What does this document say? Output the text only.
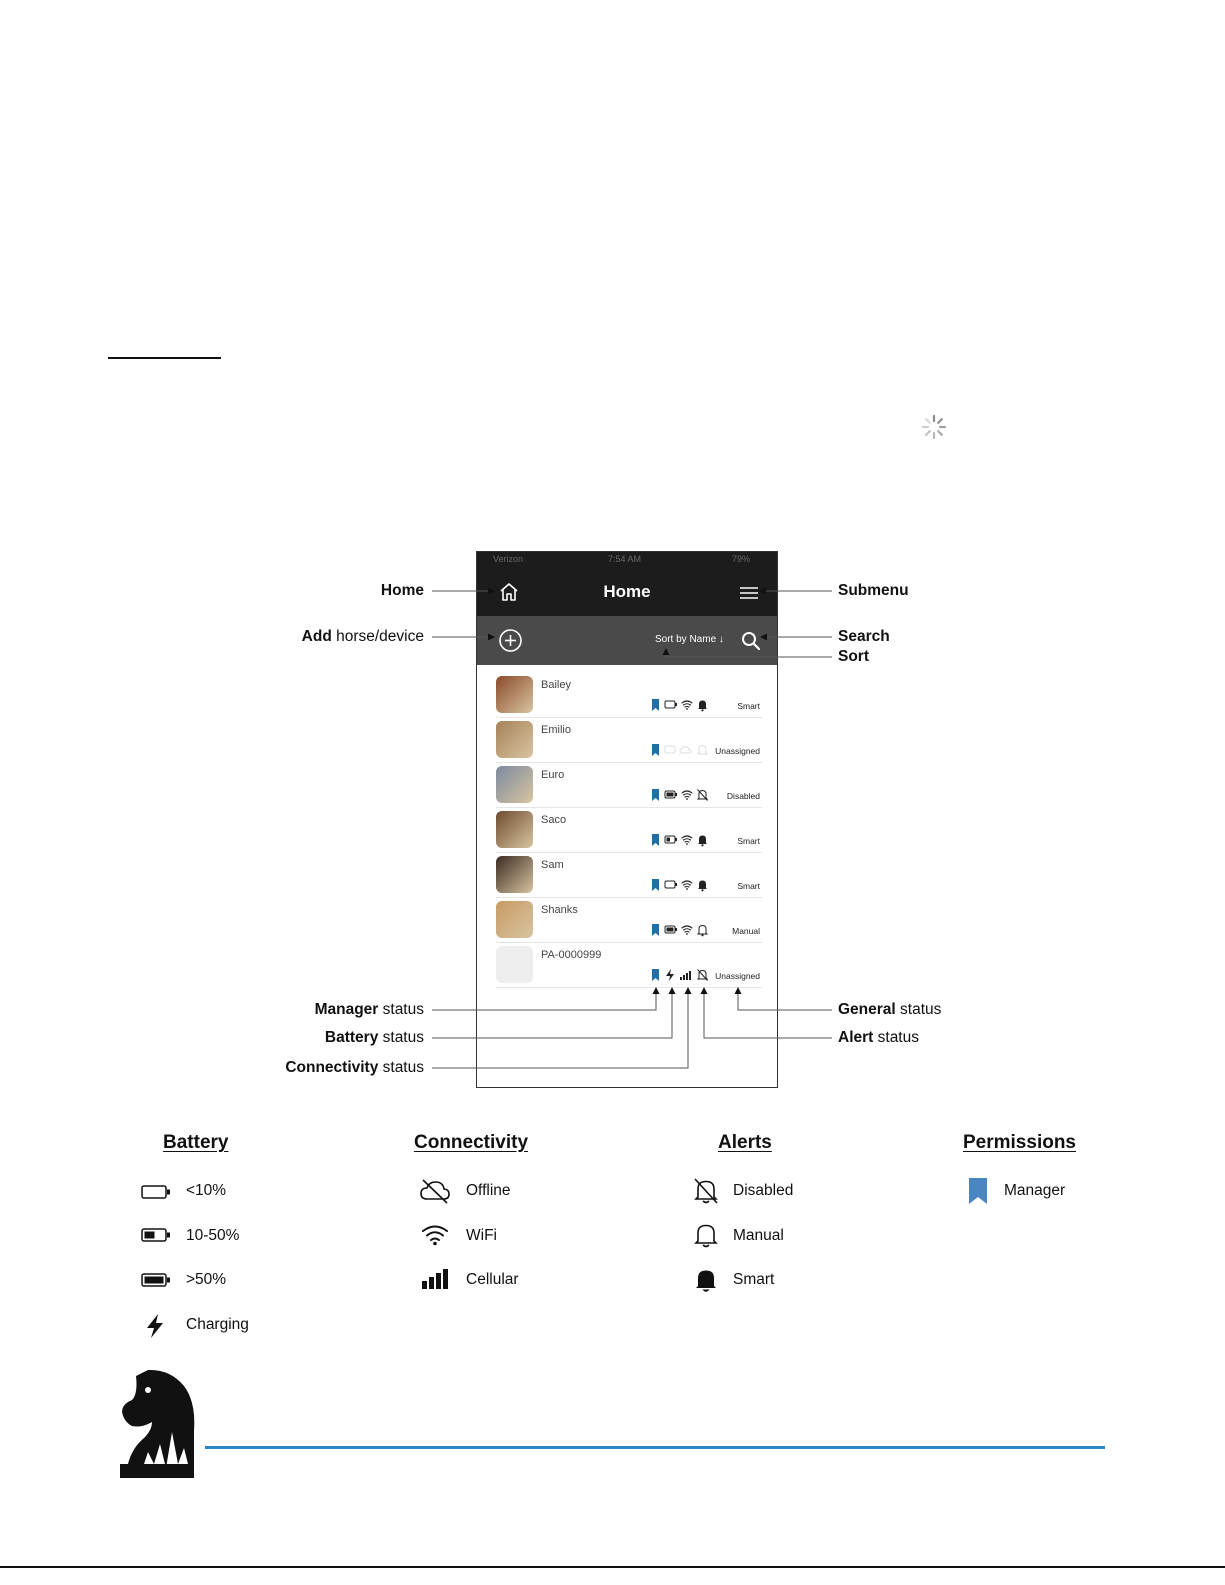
Verizon	7:54 AM	79%
Home
Sort by Name ↓
Bailey
Smart
Emilio
Unassigned
Euro
Disabled
Saco
Smart
Sam
Smart
Shanks
Manual
PA-0000999
Unassigned
Home	Submenu
Add horse/device	Search
Sort
Manager status
Battery status
Connectivity status
General status
Alert status
Battery
<10%
10-50%
>50%
Charging
Connectivity
Offline
WiFi
Cellular
Alerts
Disabled
Manual
Smart
Permissions
Manager
